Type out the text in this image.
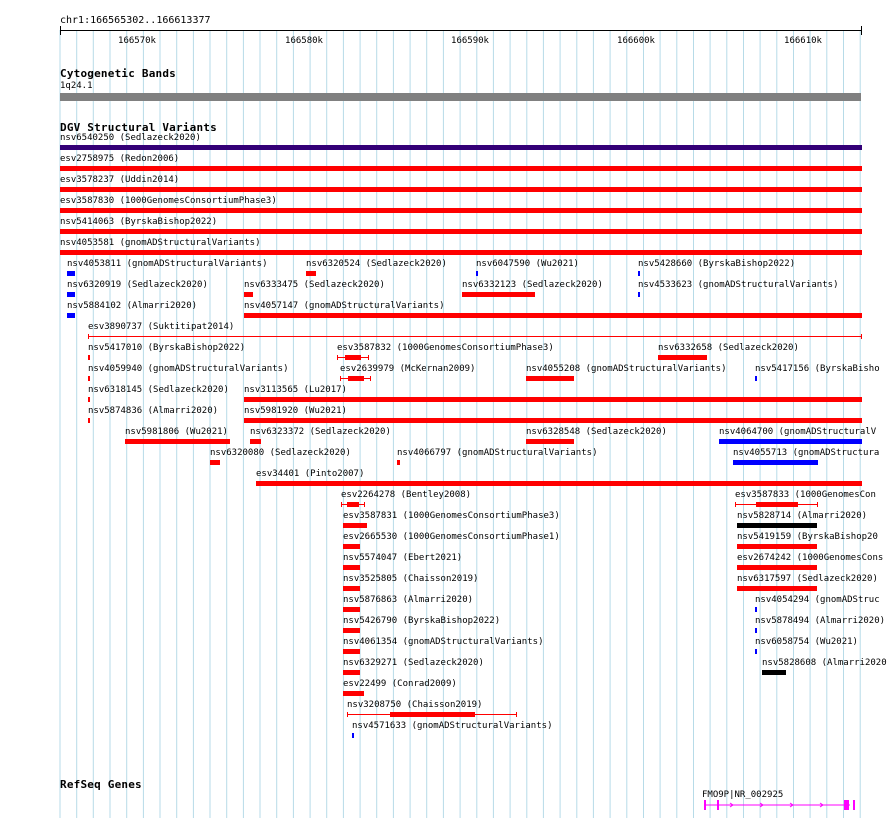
chr1:166565302..166613377
166570k	166580k	166590k	166600k	166610k
Cytogenetic Bands
1q24.1
DGV Structural Variants
nsv6540250 (Sedlazeck2020)
esv2758975 (Redon2006)
esv3578237 (Uddin2014)
esv3587830 (1000GenomesConsortiumPhase3)
nsv5414063 (ByrskaBishop2022)
nsv4053581 (gnomADStructuralVariants)
nsv4053811 (gnomADStructuralVariants)	nsv6320524 (Sedlazeck2020)	nsv6047590 (Wu2021)	nsv5428660 (ByrskaBishop2022)
nsv6320919 (Sedlazeck2020)	nsv6333475 (Sedlazeck2020)	nsv6332123 (Sedlazeck2020)	nsv4533623 (gnomADStructuralVariants)
nsv5884102 (Almarri2020)	nsv4057147 (gnomADStructuralVariants)
esv3890737 (Suktitipat2014)
nsv5417010 (ByrskaBishop2022)	esv3587832 (1000GenomesConsortiumPhase3)	nsv6332658 (Sedlazeck2020)
nsv4059940 (gnomADStructuralVariants)	esv2639979 (McKernan2009)	nsv4055208 (gnomADStructuralVariants)	nsv5417156 (ByrskaBisho
nsv6318145 (Sedlazeck2020) nsv3113565 (Lu2017)
nsv5874836 (Almarri2020)	nsv5981920 (Wu2021)
nsv5981806 (Wu2021) nsv6323372 (Sedlazeck2020)	nsv6328548 (Sedlazeck2020)	nsv4064700 (gnomADStructuralV
nsv6320080 (Sedlazeck2020)	nsv4066797 (gnomADStructuralVariants)	nsv4055713 (gnomADStructura
esv34401 (Pinto2007)
esv2264278 (Bentley2008)	esv3587833 (1000GenomesCon
esv3587831 (1000GenomesConsortiumPhase3)	nsv5828714 (Almarri2020)
esv2665530 (1000GenomesConsortiumPhase1)	nsv5419159 (ByrskaBishop20
nsv5574047 (Ebert2021)	esv2674242 (1000GenomesCons
nsv3525805 (Chaisson2019)	nsv6317597 (Sedlazeck2020)
nsv5876863 (Almarri2020)	nsv4054294 (gnomADStruc
nsv5426790 (ByrskaBishop2022)	nsv5878494 (Almarri2020)
nsv4061354 (gnomADStructuralVariants)	nsv6058754 (Wu2021)
nsv6329271 (Sedlazeck2020)	nsv5828608 (Almarri2020
esv22499 (Conrad2009)
nsv3208750 (Chaisson2019)
nsv4571633 (gnomADStructuralVariants)
RefSeq Genes
FMO9P|NR_002925
